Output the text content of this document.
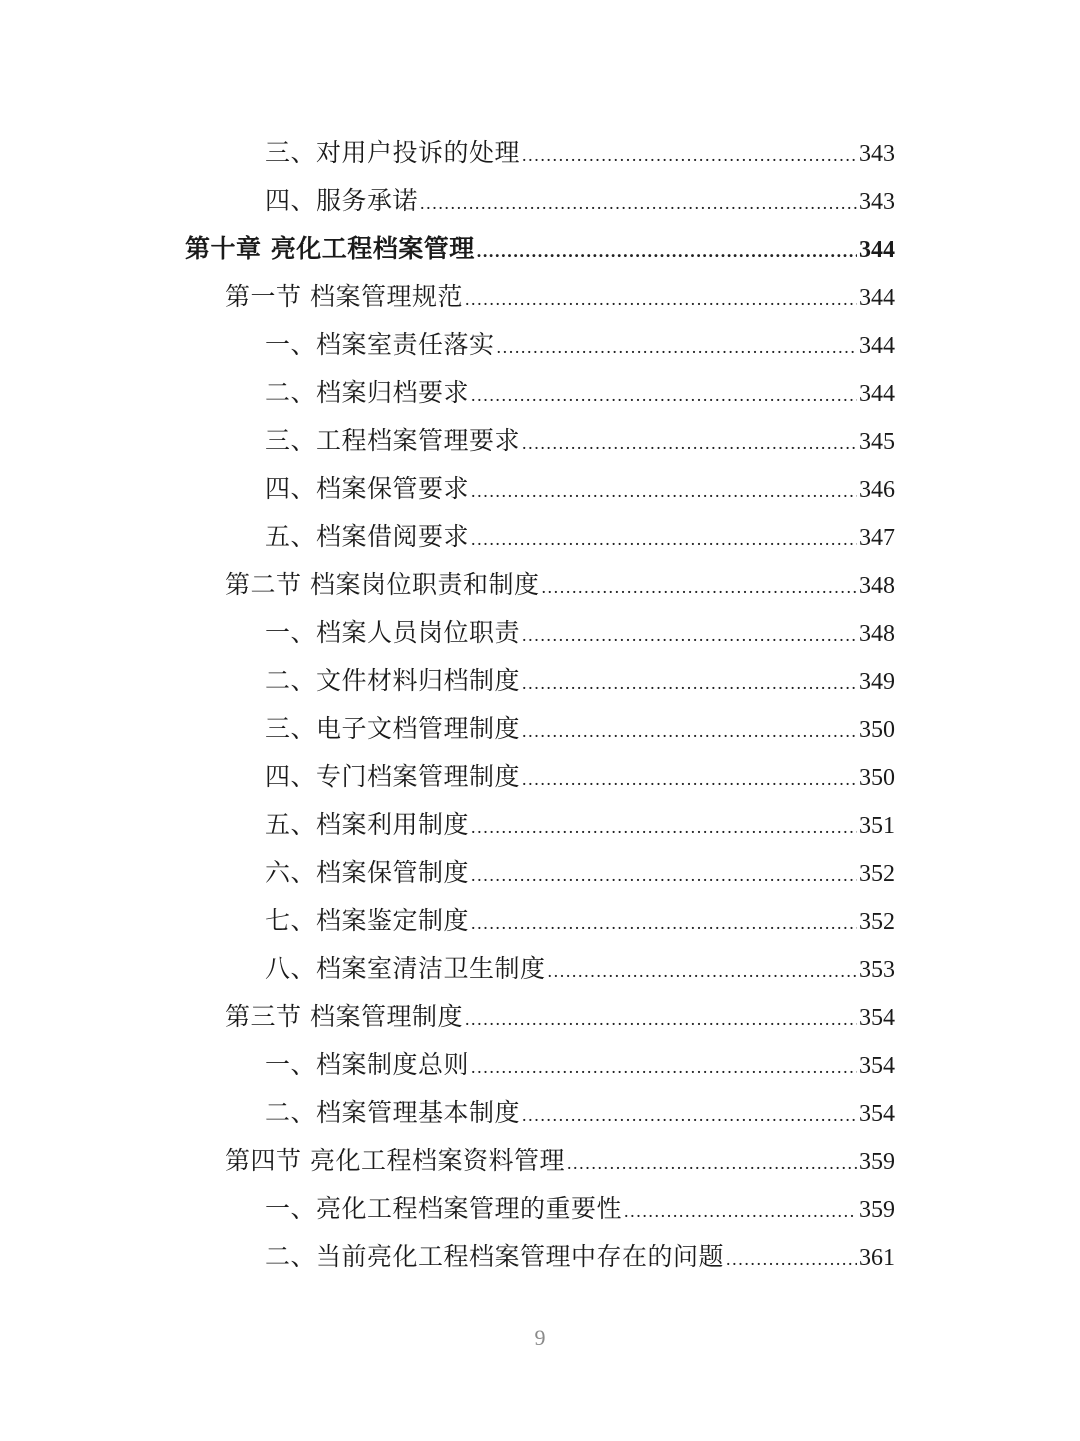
三、对用户投诉的处理 .....	343
四、服务承诺 .....	343
第十章 亮化工程档案管理 .....	344
第一节 档案管理规范 .....	344
一、档案室责任落实 .....	344
二、档案归档要求 .....	344
三、工程档案管理要求 .....	345
四、档案保管要求 .....	346
五、档案借阅要求 .....	347
第二节 档案岗位职责和制度 .....	348
一、档案人员岗位职责 .....	348
二、文件材料归档制度 .....	349
三、电子文档管理制度 .....	350
四、专门档案管理制度 .....	350
五、档案利用制度 .....	351
六、档案保管制度 .....	352
七、档案鉴定制度 .....	352
八、档案室清洁卫生制度 .....	353
第三节 档案管理制度 .....	354
一、档案制度总则 .....	354
二、档案管理基本制度 .....	354
第四节 亮化工程档案资料管理 .....	359
一、亮化工程档案管理的重要性 .....	359
二、当前亮化工程档案管理中存在的问题 .....	361
9
